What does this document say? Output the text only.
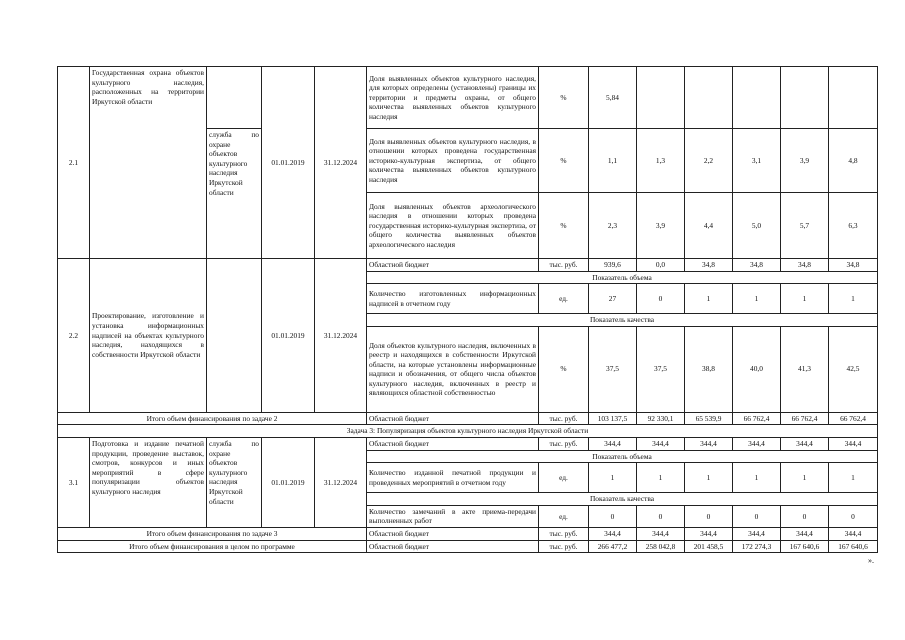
2.1	Государственная охрана объектов культурного наследия, расположенных на территории Иркутской области		01.01.2019	31.12.2024	Доля выявленных объектов культурного наследия, для которых определены (установлены) границы их территории и предметы охраны, от общего количества выявленных объектов культурного наследия	%	5,84					
		служба по охране объектов культурного наследия Иркутской области			Доля выявленных объектов культурного наследия, в отношении которых проведена государственная историко-культурная экспертиза, от общего количества выявленных объектов культурного наследия	%	1,1	1,3	2,2	3,1	3,9	4,8
					Доля выявленных объектов археологического наследия в отношении которых проведена государственная историко-культурная экспертиза, от общего количества выявленных объектов археологического наследия	%	2,3	3,9	4,4	5,0	5,7	6,3
2.2	Проектирование, изготовление и установка информационных надписей на объектах культурного наследия, находящихся в собственности Иркутской области		01.01.2019	31.12.2024	Областной бюджет	тыс. руб.	939,6	0,0	34,8	34,8	34,8	34,8
					Показатель объема							
					Количество изготовленных информационных надписей в отчетном году	ед.	27	0	1	1	1	1
					Показатель качества							
					Доля объектов культурного наследия, включенных в реестр и находящихся в собственности Иркутской области, на которые установлены информационные надписи и обозначения, от общего числа объектов культурного наследия, включенных в реестр и являющихся областной собственностью	%	37,5	37,5	38,8	40,0	41,3	42,5
Итого объем финансирования по задаче 2					Областной бюджет	тыс. руб.	103 137,5	92 330,1	65 539,9	66 762,4	66 762,4	66 762,4
Задача 3: Популяризация объектов культурного наследия Иркутской области												
3.1	Подготовка и издание печатной продукции, проведение выставок, смотров, конкурсов и иных мероприятий в сфере популяризации объектов культурного наследия	служба по охране объектов культурного наследия Иркутской области	01.01.2019	31.12.2024	Областной бюджет	тыс. руб.	344,4	344,4	344,4	344,4	344,4	344,4
					Показатель объема							
					Количество изданной печатной продукции и проведенных мероприятий в отчетном году	ед.	1	1	1	1	1	1
					Показатель качества							
					Количество замечаний в акте приема-передачи выполненных работ	ед.	0	0	0	0	0	0
Итого объем финансирования по задаче 3					Областной бюджет	тыс. руб.	344,4	344,4	344,4	344,4	344,4	344,4
Итого объем финансирования в целом по программе					Областной бюджет	тыс. руб.	266 477,2	258 042,8	201 458,5	172 274,3	167 640,6	167 640,6
».
